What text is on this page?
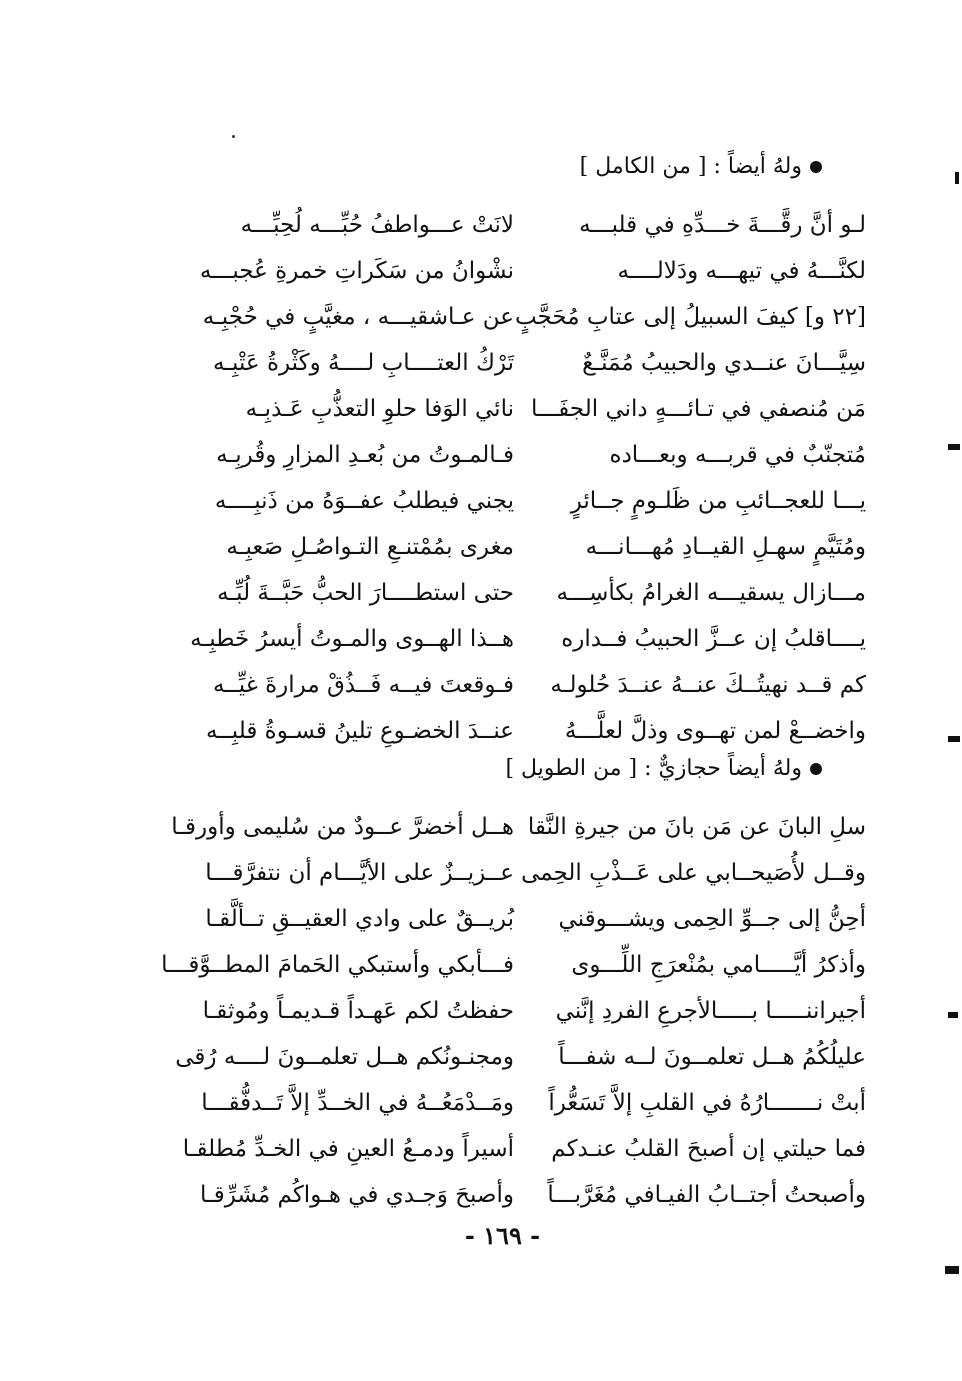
ولهُ أيضاً : [ من الكامل ]
لـو أنَّ رقَّـــةَ خـــدِّهِ في قلبـــه
لانَتْ عـــواطفُ حُبِّـــه لُحِبِّـــه
لكنَّـــهُ في تيهـــه ودَلالــــه
نشْوانُ من سَكَراتِ خمرةِ عُجبـــه
[٢٢ و] كيفَ السبيلُ إلى عتابِ مُحَجَّبٍ
عن عـاشقيـــه ، مغيَّبٍ في حُجْبِـه
سِيَّـــانَ عنــدي والحبيبُ مُمَنَّـعٌ
تَرْكُ العتــــابِ لــــهُ وكَثْرةُ عَتْبِـه
مَن مُنصفي في تـائـــهٍ داني الجفَـــا
نائي الوَفا حلوِ التعذُّبِ عَـذبِـه
مُتجنّبٌ في قربـــه وبعـــاده
فـالمـوتُ من بُعـدِ المزارِ وقُربِـه
يـــا للعجــائبِ من ظَلـومٍ جــائرٍ
يجني فيطلبُ عفــوَهُ من ذَنبِــــه
ومُتَيَّمٍ سهـلِ القيــادِ مُهـــانـــه
مغرى بمُمْتنـعِ التـواصُـلِ صَعبِـه
مـــازال يسقيـــه الغرامُ بكأسِـــه
حتى استطــــارَ الحبُّ حَبَّــةَ لُبِّـه
يــــاقلبُ إن عــزَّ الحبيبُ فــداره
هــذا الهــوى والمـوتُ أيسرُ خَطبِـه
كم قــد نهيتُــكَ عنــهُ عنــدَ حُلولـه
فـوقعتَ فيــه فَــذُقْ مرارةَ غيِّــه
واخضــعْ لمن تهــوى وذلَّ لعلَّـــهُ
عنــدَ الخضـوعِ تلينُ قسـوةُ قلبِــه
ولهُ أيضاً حجازيٌّ : [ من الطويل ]
سلِ البانَ عن مَن بانَ من جيرةِ النَّقا
هــل أخضرَّ عــودٌ من سُليمى وأورقـا
وقــل لأُصَيحــابي على عَــذْبِ الحِمى
عــزيــزٌ على الأيَّـــام أن نتفرَّقـــا
أحِنُّ إلى جــوِّ الحِمى ويشـــوقني
بُريــقٌ على وادي العقيــقِ تــألَّقـا
وأذكرُ أيَّـــــامي بمُنْعرَجِ اللِّـــوى
فـــأبكي وأستبكي الحَمامَ المطــوَّقـــا
أجيراننـــــا بـــــالأجرعِ الفردِ إنَّني
حفظتُ لكم عَهـداً قـديمـاً ومُوثقـا
عليلُكُمُ هــل تعلمــونَ لــه شفـــاً
ومجنـونُكم هــل تعلمــونَ لــــه رُقى
أبتْ نـــــــارُهُ في القلبِ إلاَّ تَسَعُّراً
ومَــدْمَعُــهُ في الخــدِّ إلاَّ تَــدفُّقـــا
فما حيلتي إن أصبحَ القلبُ عنـدكم
أسيراً ودمـعُ العينِ في الخـدِّ مُطلقـا
وأصبحتُ أجتــابُ الفيـافي مُغَرَّبـــاً
وأصبحَ وَجـدي في هـواكُم مُشَرِّقـا
- ١٦٩ -
